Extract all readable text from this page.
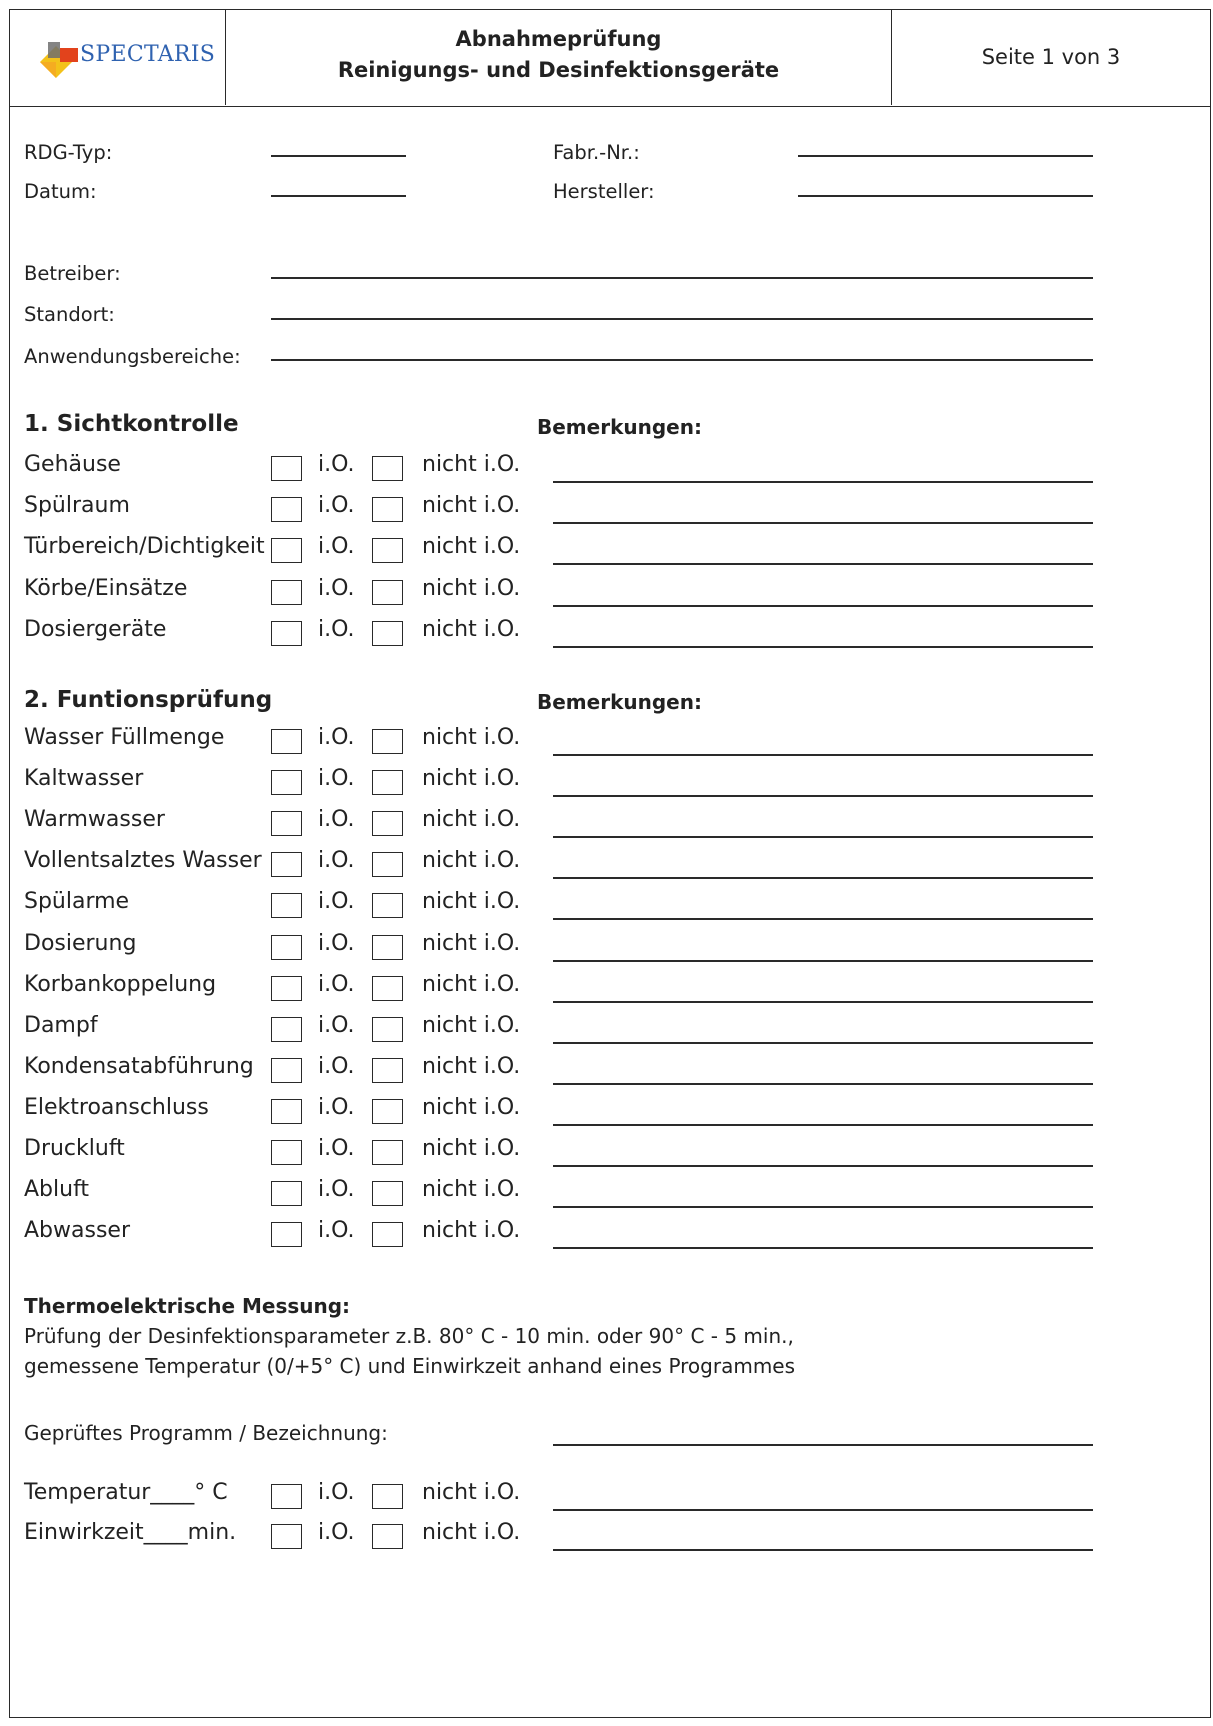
SPECTARIS
Abnahmeprüfung
Reinigungs- und Desinfektionsgeräte
Seite 1 von 3
RDG-Typ:	Fabr.-Nr.:
Datum:	Hersteller:
Betreiber:
Standort:
Anwendungsbereiche:
1. Sichtkontrolle	Bemerkungen:
Gehäuse	i.O.	nicht i.O.
Spülraum	i.O.	nicht i.O.
Türbereich/Dichtigkeit i.O.	nicht i.O.
Körbe/Einsätze	i.O.	nicht i.O.
Dosiergeräte	i.O.	nicht i.O.
2. Funtionsprüfung	Bemerkungen:
Wasser Füllmenge	i.O.	nicht i.O.
Kaltwasser	i.O.	nicht i.O.
Warmwasser	i.O.	nicht i.O.
Vollentsalztes Wasser	i.O.	nicht i.O.
Spülarme	i.O.	nicht i.O.
Dosierung	i.O.	nicht i.O.
Korbankoppelung	i.O.	nicht i.O.
Dampf	i.O.	nicht i.O.
Kondensatabführung	i.O.	nicht i.O.
Elektroanschluss	i.O.	nicht i.O.
Druckluft	i.O.	nicht i.O.
Abluft	i.O.	nicht i.O.
Abwasser	i.O.	nicht i.O.
Thermoelektrische Messung:
Prüfung der Desinfektionsparameter z.B. 80° C - 10 min. oder 90° C - 5 min.,
gemessene Temperatur (0/+5° C) und Einwirkzeit anhand eines Programmes
Geprüftes Programm / Bezeichnung:
Temperatur____° C	i.O.	nicht i.O.
Einwirkzeit____min.	i.O.	nicht i.O.
